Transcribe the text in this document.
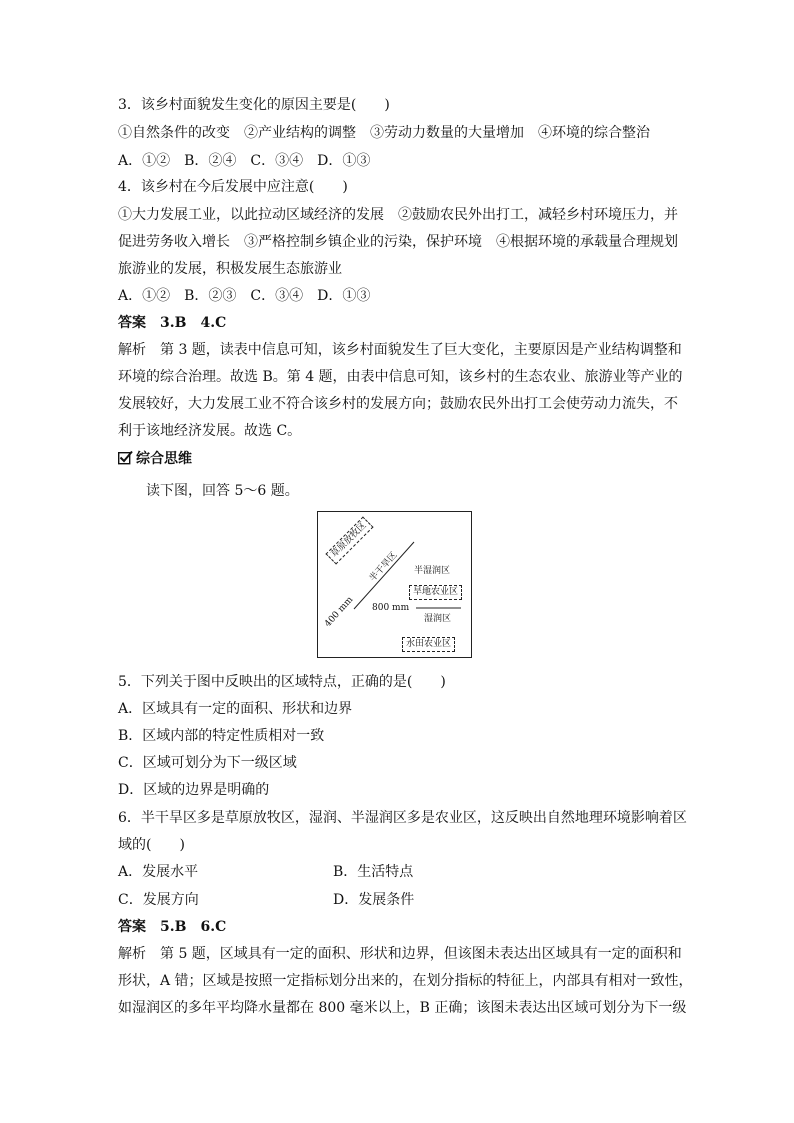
3．该乡村面貌发生变化的原因主要是(　　)
①自然条件的改变　②产业结构的调整　③劳动力数量的大量增加　④环境的综合整治
A．①②　B．②④　C．③④　D．①③
4．该乡村在今后发展中应注意(　　)
①大力发展工业，以此拉动区域经济的发展　②鼓励农民外出打工，减轻乡村环境压力，并
促进劳务收入增长　③严格控制乡镇企业的污染，保护环境　④根据环境的承载量合理规划
旅游业的发展，积极发展生态旅游业
A．①②　B．②③　C．③④　D．①③
答案　3.B　4.C
解析　第 3 题，读表中信息可知，该乡村面貌发生了巨大变化，主要原因是产业结构调整和
环境的综合治理。故选 B。第 4 题，由表中信息可知，该乡村的生态农业、旅游业等产业的
发展较好，大力发展工业不符合该乡村的发展方向；鼓励农民外出打工会使劳动力流失，不
利于该地经济发展。故选 C。
综合思维
读下图，回答 5～6 题。
草原放牧区
半干旱区 半湿润区
旱地农业区
400 mm 800 mm
湿润区
水田农业区
5．下列关于图中反映出的区域特点，正确的是(　　)
A．区域具有一定的面积、形状和边界
B．区域内部的特定性质相对一致
C．区域可划分为下一级区域
D．区域的边界是明确的
6．半干旱区多是草原放牧区，湿润、半湿润区多是农业区，这反映出自然地理环境影响着区
域的(　　)
A．发展水平	B．生活特点
C．发展方向	D．发展条件
答案　5.B　6.C
解析　第 5 题，区域具有一定的面积、形状和边界，但该图未表达出区域具有一定的面积和
形状，A 错；区域是按照一定指标划分出来的，在划分指标的特征上，内部具有相对一致性，
如湿润区的多年平均降水量都在 800 毫米以上，B 正确；该图未表达出区域可划分为下一级
